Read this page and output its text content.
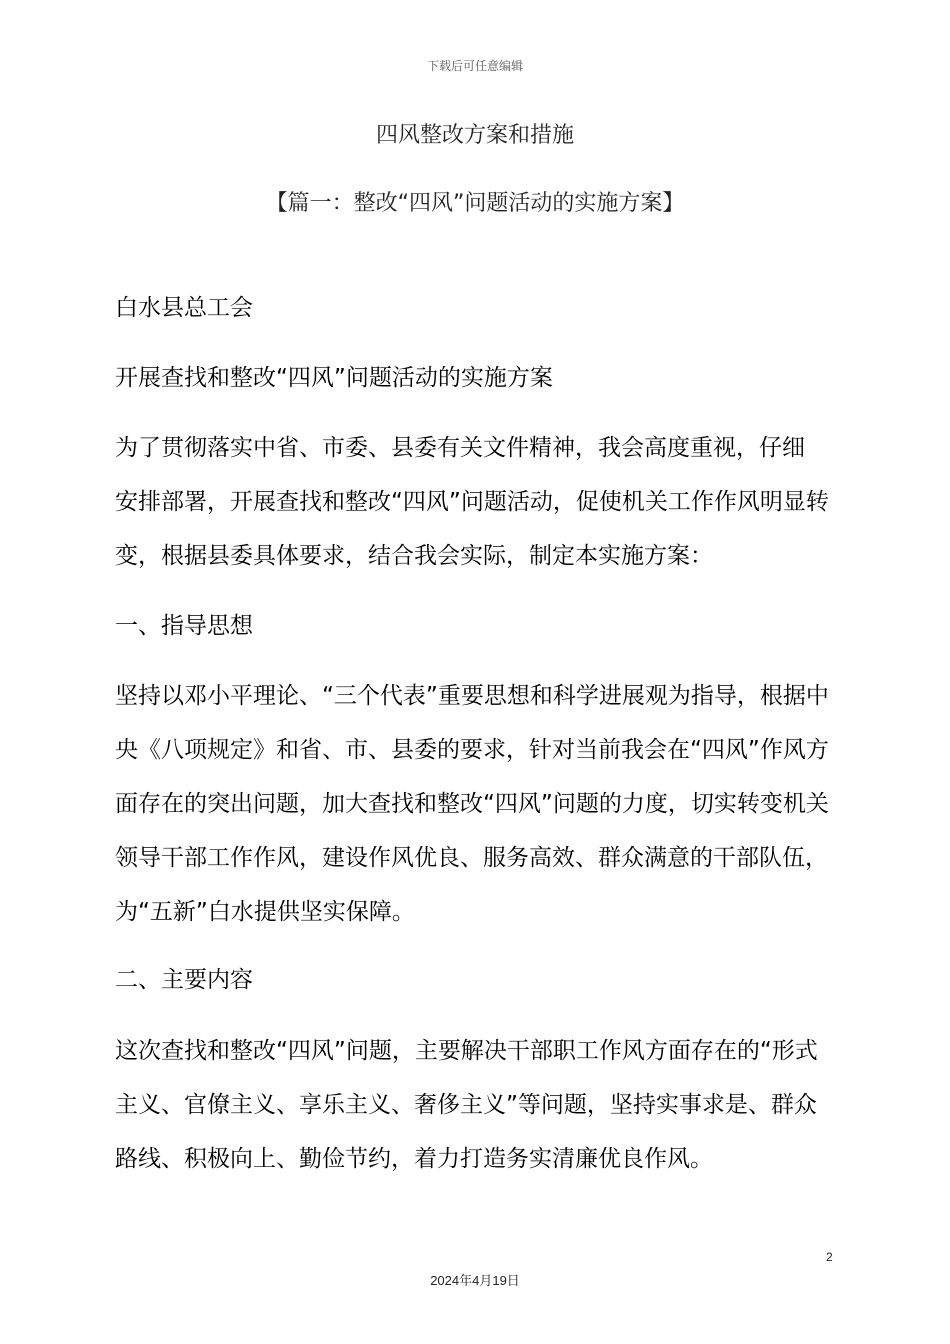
下载后可任意编辑
四风整改方案和措施
【篇一：整改“四风”问题活动的实施方案】
白水县总工会
开展查找和整改“四风”问题活动的实施方案
为了贯彻落实中省、市委、县委有关文件精神，我会高度重视，仔细
安排部署，开展查找和整改“四风”问题活动，促使机关工作作风明显转
变，根据县委具体要求，结合我会实际，制定本实施方案：
一、指导思想
坚持以邓小平理论、“三个代表”重要思想和科学进展观为指导，根据中
央《八项规定》和省、市、县委的要求，针对当前我会在“四风”作风方
面存在的突出问题，加大查找和整改“四风”问题的力度，切实转变机关
领导干部工作作风，建设作风优良、服务高效、群众满意的干部队伍，
为“五新”白水提供坚实保障。
二、主要内容
这次查找和整改“四风”问题，主要解决干部职工作风方面存在的“形式
主义、官僚主义、享乐主义、奢侈主义”等问题，坚持实事求是、群众
路线、积极向上、勤俭节约，着力打造务实清廉优良作风。
2
2024年4月19日
